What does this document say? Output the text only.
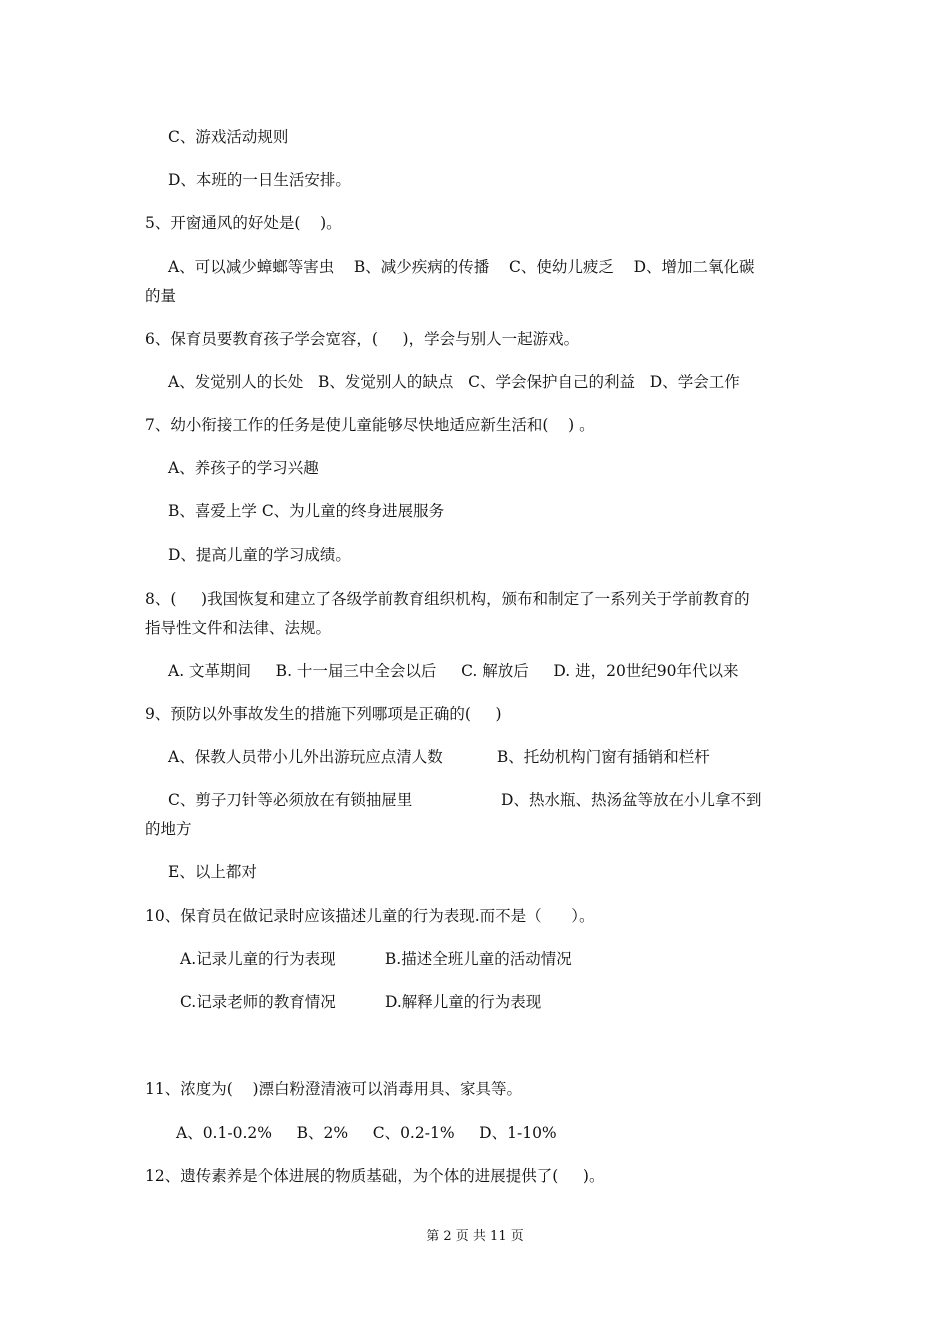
C、游戏活动规则
D、本班的一日生活安排。
5、开窗通风的好处是(    )。
A、可以减少蟑螂等害虫    B、减少疾病的传播    C、使幼儿疲乏    D、增加二氧化碳
的量
6、保育员要教育孩子学会宽容，(     )，学会与别人一起游戏。
A、发觉别人的长处   B、发觉别人的缺点   C、学会保护自己的利益   D、学会工作
7、幼小衔接工作的任务是使儿童能够尽快地适应新生活和(    ) 。
A、养孩子的学习兴趣
B、喜爱上学 C、为儿童的终身进展服务
D、提高儿童的学习成绩。
8、(     )我国恢复和建立了各级学前教育组织机构，颁布和制定了一系列关于学前教育的
指导性文件和法律、法规。
A. 文革期间     B. 十一届三中全会以后     C. 解放后     D. 进，20世纪90年代以来
9、预防以外事故发生的措施下列哪项是正确的(     )
A、保教人员带小儿外出游玩应点清人数           B、托幼机构门窗有插销和栏杆
C、剪子刀针等必须放在有锁抽屉里                  D、热水瓶、热汤盆等放在小儿拿不到
的地方
E、以上都对
10、保育员在做记录时应该描述儿童的行为表现.而不是（      ）。
A.记录儿童的行为表现          B.描述全班儿童的活动情况
C.记录老师的教育情况          D.解释儿童的行为表现
11、浓度为(    )漂白粉澄清液可以消毒用具、家具等。
A、0.1-0.2%     B、2%     C、0.2-1%     D、1-10%
12、遗传素养是个体进展的物质基础，为个体的进展提供了(     )。
第 2 页 共 11 页
